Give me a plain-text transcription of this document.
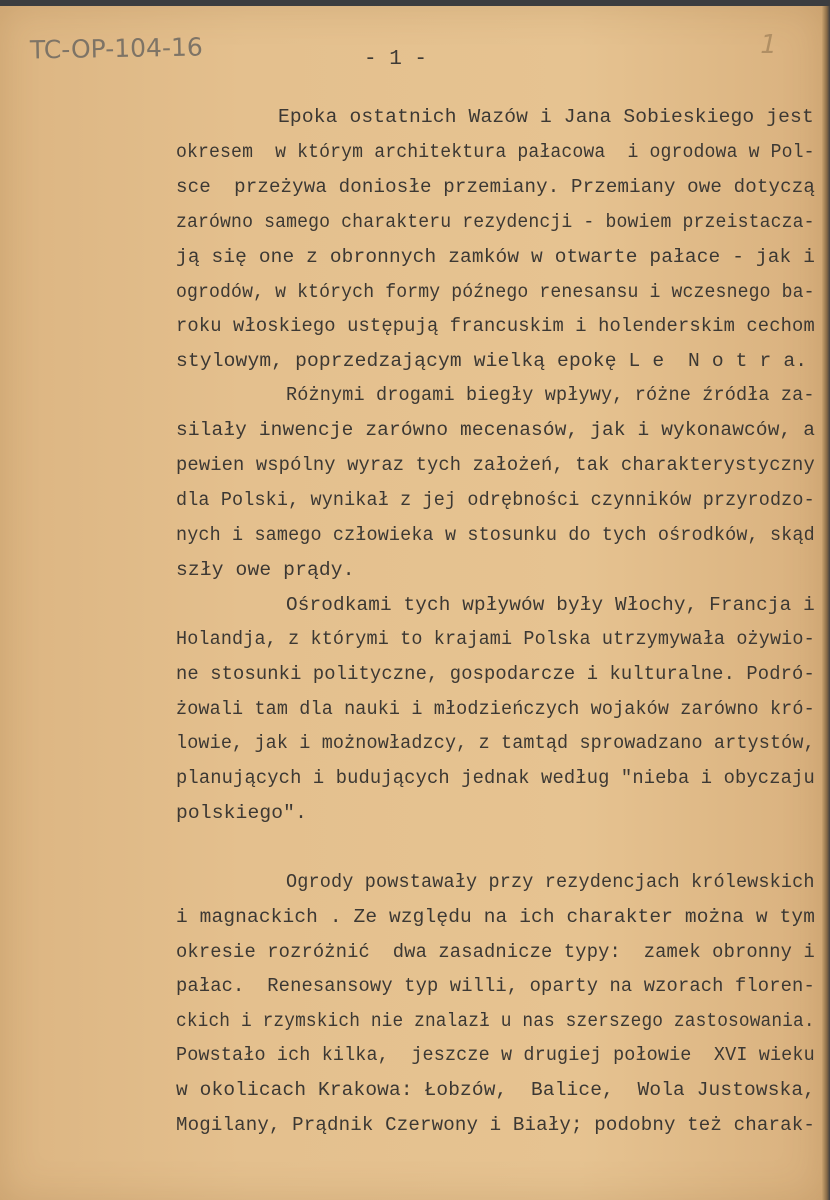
TC-OP-104-16	1
- 1 -
Epoka ostatnich Wazów i Jana Sobieskiego jest
okresem  w którym architektura pałacowa  i ogrodowa w Pol-
sce  przeżywa doniosłe przemiany. Przemiany owe dotyczą
zarówno samego charakteru rezydencji - bowiem przeistacza-
ją się one z obronnych zamków w otwarte pałace - jak i
ogrodów, w których formy późnego renesansu i wczesnego ba-
roku włoskiego ustępują francuskim i holenderskim cechom
stylowym, poprzedzającym wielką epokę L e  N o t r a.
Różnymi drogami biegły wpływy, różne źródła za-
silały inwencje zarówno mecenasów, jak i wykonawców, a
pewien wspólny wyraz tych założeń, tak charakterystyczny
dla Polski, wynikał z jej odrębności czynników przyrodzo-
nych i samego człowieka w stosunku do tych ośrodków, skąd
szły owe prądy.
Ośrodkami tych wpływów były Włochy, Francja i
Holandja, z którymi to krajami Polska utrzymywała ożywio-
ne stosunki polityczne, gospodarcze i kulturalne. Podró-
żowali tam dla nauki i młodzieńczych wojaków zarówno kró-
lowie, jak i możnowładzcy, z tamtąd sprowadzano artystów,
planujących i budujących jednak według "nieba i obyczaju
polskiego".
Ogrody powstawały przy rezydencjach królewskich
i magnackich . Ze względu na ich charakter można w tym
okresie rozróżnić  dwa zasadnicze typy:  zamek obronny i
pałac.  Renesansowy typ willi, oparty na wzorach floren-
ckich i rzymskich nie znalazł u nas szerszego zastosowania.
Powstało ich kilka,  jeszcze w drugiej połowie  XVI wieku
w okolicach Krakowa: Łobzów,  Balice,  Wola Justowska,
Mogilany, Prądnik Czerwony i Biały; podobny też charak-
